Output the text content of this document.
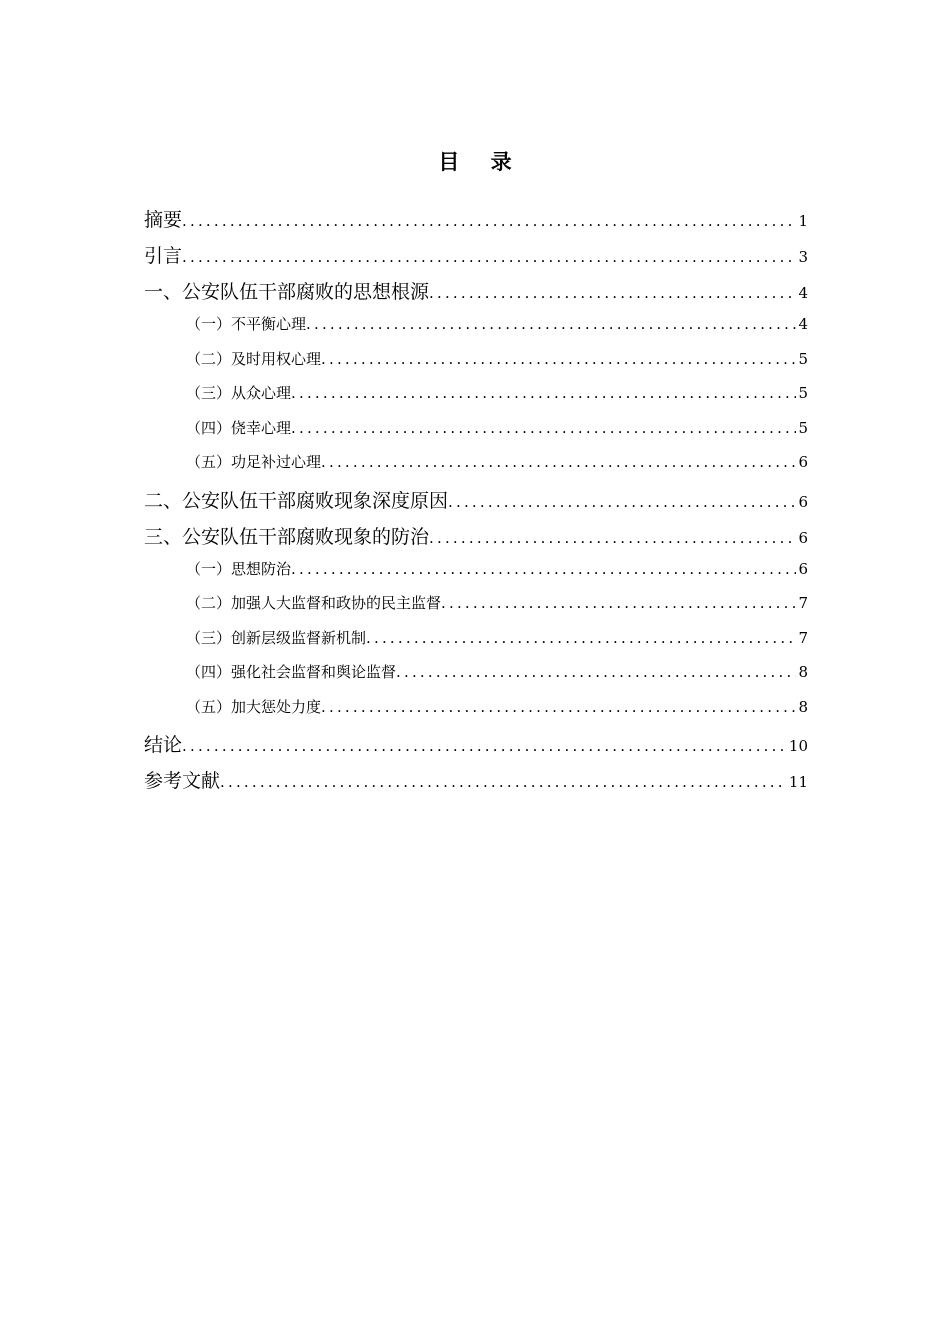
目 录
摘要 .....	1
引言 .....	3
一、公安队伍干部腐败的思想根源 .....	4
（一）不平衡心理 .....	4
（二）及时用权心理 .....	5
（三）从众心理 .....	5
（四）侥幸心理 .....	5
（五）功足补过心理 .....	6
二、公安队伍干部腐败现象深度原因 .....	6
三、公安队伍干部腐败现象的防治 .....	6
（一）思想防治 .....	6
（二）加强人大监督和政协的民主监督 .....	7
（三）创新层级监督新机制 .....	7
（四）强化社会监督和舆论监督 .....	8
（五）加大惩处力度 .....	8
结论 .....	10
参考文献 .....	11
